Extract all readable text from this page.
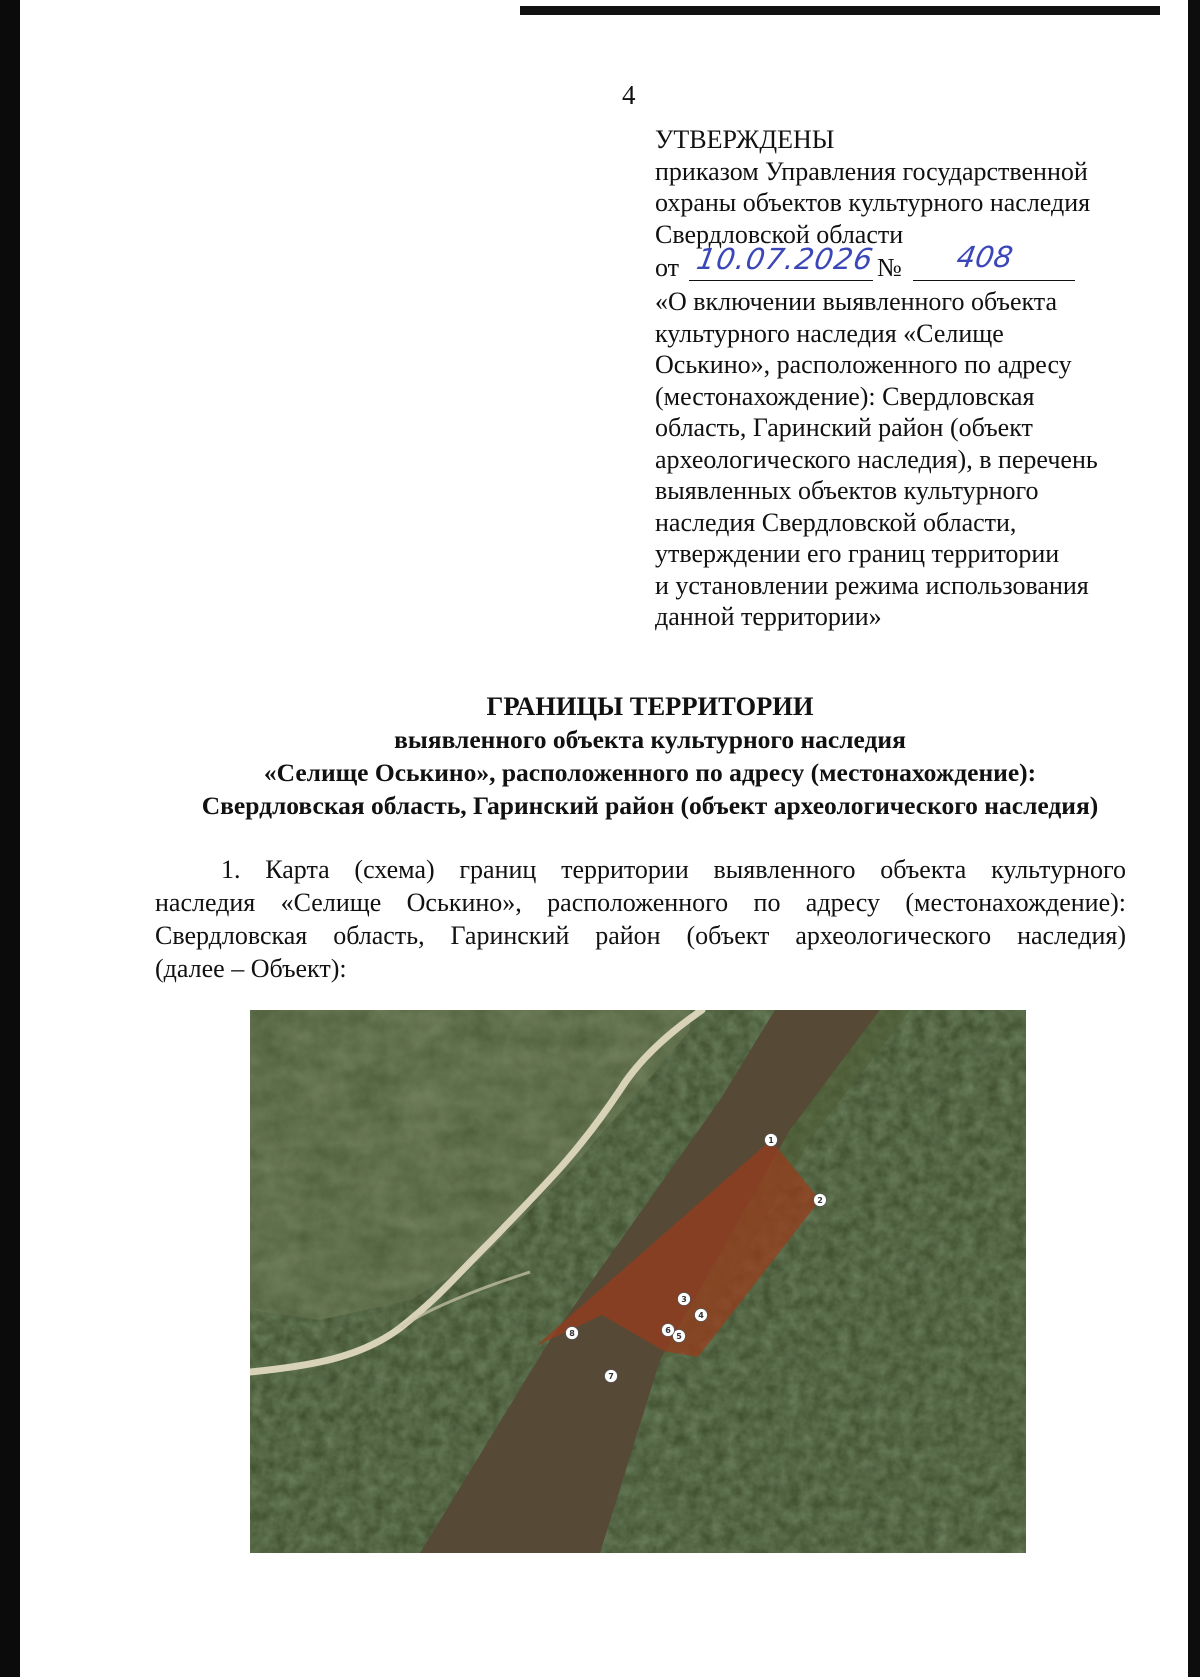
4
УТВЕРЖДЕНЫ
приказом Управления государственной
охраны объектов культурного наследия
Свердловской области
от 10.07.2026 № 408
«О включении выявленного объекта
культурного наследия «Селище
Оськино», расположенного по адресу
(местонахождение): Свердловская
область, Гаринский район (объект
археологического наследия), в перечень
выявленных объектов культурного
наследия Свердловской области,
утверждении его границ территории
и установлении режима использования
данной территории»
ГРАНИЦЫ ТЕРРИТОРИИ
выявленного объекта культурного наследия
«Селище Оськино», расположенного по адресу (местонахождение):
Свердловская область, Гаринский район (объект археологического наследия)
1. Карта (схема) границ территории выявленного объекта культурного
наследия «Селище Оськино», расположенного по адресу (местонахождение):
Свердловская область, Гаринский район (объект археологического наследия)
(далее – Объект):
1
2
3
4
5
6
7
8
